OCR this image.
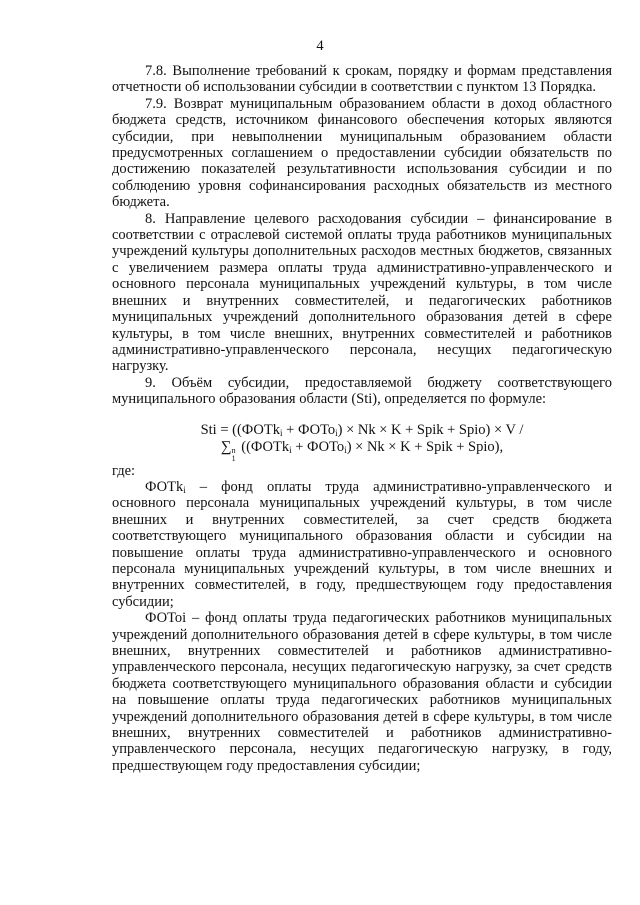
4

7.8. Выполнение требований к срокам, порядку и формам представления отчетности об использовании субсидии в соответствии с пунктом 13 Порядка.

7.9. Возврат муниципальным образованием области в доход областного бюджета средств, источником финансового обеспечения которых являются субсидии, при невыполнении муниципальным образованием области предусмотренных соглашением о предоставлении субсидии обязательств по достижению показателей результативности использования субсидии и по соблюдению уровня софинансирования расходных обязательств из местного бюджета.

8. Направление целевого расходования субсидии – финансирование в соответствии с отраслевой системой оплаты труда работников муниципальных учреждений культуры дополнительных расходов местных бюджетов, связанных с увеличением размера оплаты труда административно-управленческого и основного персонала муниципальных учреждений культуры, в том числе внешних и внутренних совместителей, и педагогических работников муниципальных учреждений дополнительного образования детей в сфере культуры, в том числе внешних, внутренних совместителей и работников административно-управленческого персонала, несущих педагогическую нагрузку.

9. Объём субсидии, предоставляемой бюджету соответствующего муниципального образования области (Sti), определяется по формуле:

Sti = ((ФОТk$_i$ + ФОТо$_i$) × Nk × K + Spik + Spio) × V /
∑ n
1
((ФОТk$_i$ + ФОТо$_i$) × Nk × K + Spik + Spio),

где:

ФОТk$_i$ – фонд оплаты труда административно-управленческого и основного персонала муниципальных учреждений культуры, в том числе внешних и внутренних совместителей, за счет средств бюджета соответствующего муниципального образования области и субсидии на повышение оплаты труда административно-управленческого и основного персонала муниципальных учреждений культуры, в том числе внешних и внутренних совместителей, в году, предшествующем году предоставления субсидии;

ФОТоi – фонд оплаты труда педагогических работников муниципальных учреждений дополнительного образования детей в сфере культуры, в том числе внешних, внутренних совместителей и работников административно-управленческого персонала, несущих педагогическую нагрузку, за счет средств бюджета соответствующего муниципального образования области и субсидии на повышение оплаты труда педагогических работников муниципальных учреждений дополнительного образования детей в сфере культуры, в том числе внешних, внутренних совместителей и работников административно-управленческого персонала, несущих педагогическую нагрузку, в году, предшествующем году предоставления субсидии;
